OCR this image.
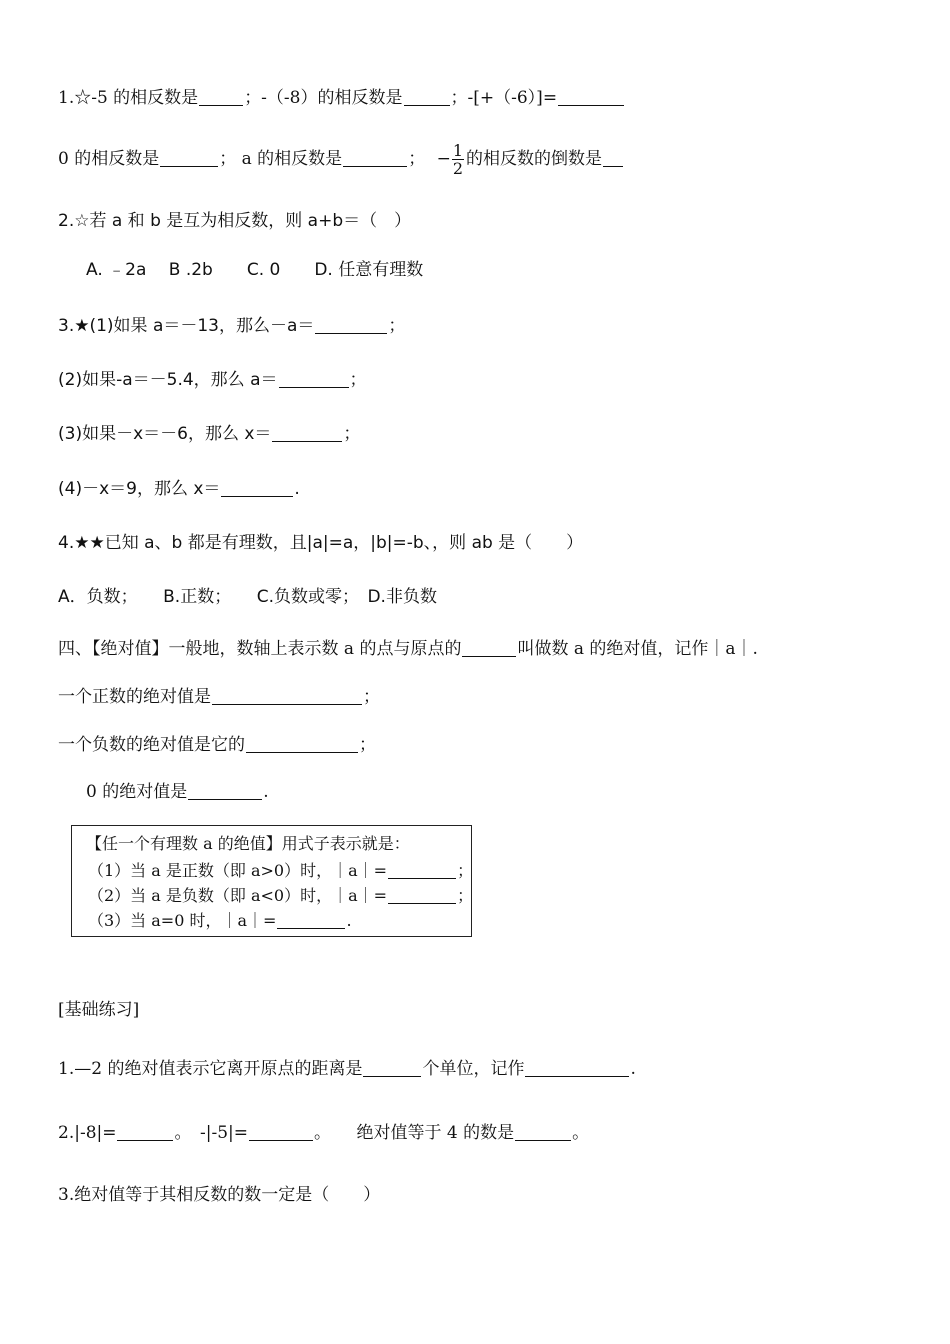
1.☆-5 的相反数是	；-（-8）的相反数是	；-[+（-6）]=
0 的相反数是	； a 的相反数是	； − $\frac{1}{2}$ 的相反数的倒数是
2.☆若 a 和 b 是互为相反数，则 a+b＝（　）
A. ﹣2a　 B .2b　　C. 0　　D. 任意有理数
3.★(1)如果 a＝－13，那么－a＝	；
(2)如果-a＝－5.4，那么 a＝	；
(3)如果－x＝－6，那么 x＝	；
(4)－x＝9，那么 x＝	.
4.★★已知 a、b 都是有理数，且|a|=a，|b|=-b、，则 ab 是（　　）
A．负数；　　B.正数；　　C.负数或零；　D.非负数
四、【绝对值】一般地，数轴上表示数 a 的点与原点的	叫做数 a 的绝对值，记作｜a｜.
一个正数的绝对值是	；
一个负数的绝对值是它的	；
0 的绝对值是	.
【任一个有理数 a 的绝值】用式子表示就是：
（1）当 a 是正数（即 a>0）时，｜a｜=	；
（2）当 a 是负数（即 a<0）时，｜a｜=	；
（3）当 a=0 时，｜a｜=	.
[基础练习]
1.—2 的绝对值表示它离开原点的距离是	个单位，记作	.
2.|-8|=	。　-|-5|=	。　　绝对值等于 4 的数是	。
3.绝对值等于其相反数的数一定是（　　）
